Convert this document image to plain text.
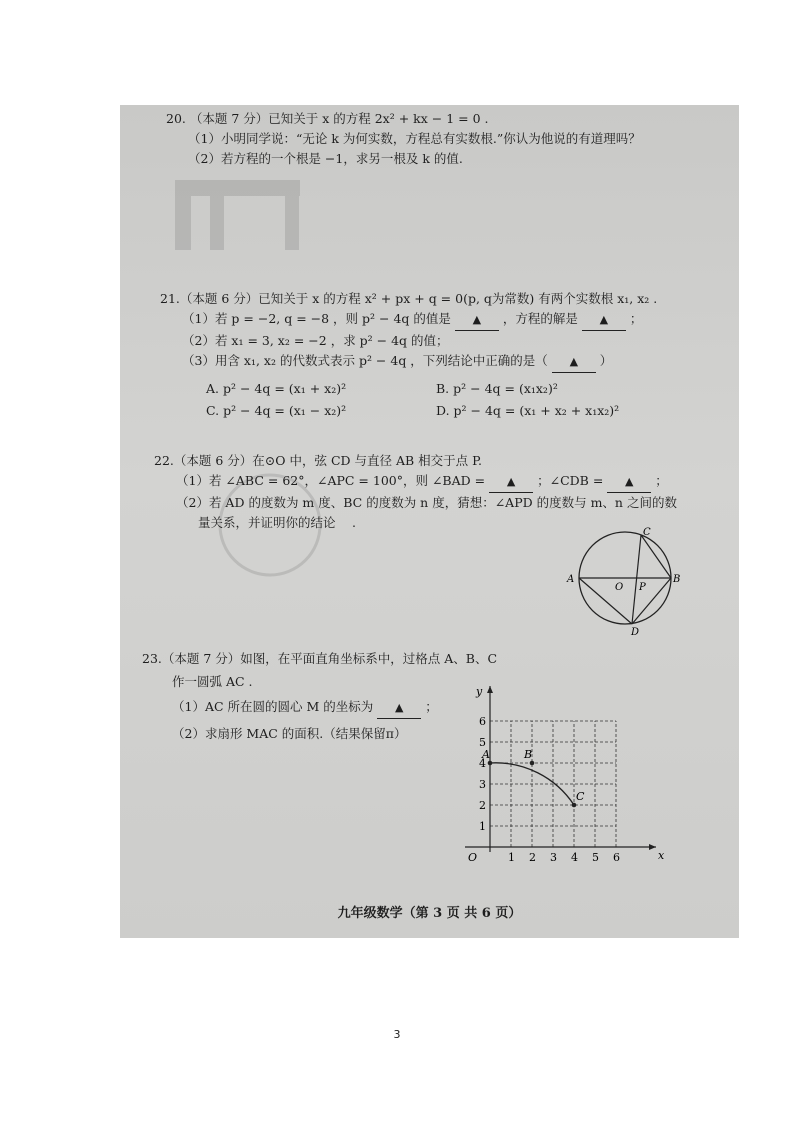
20. （本题 7 分）已知关于 x 的方程 2x² + kx − 1 = 0 .
（1）小明同学说：“无论 k 为何实数，方程总有实数根.”你认为他说的有道理吗？
（2）若方程的一个根是 −1，求另一根及 k 的值.
21.（本题 6 分）已知关于 x 的方程 x² + px + q = 0(p, q为常数) 有两个实数根 x₁, x₂ .
（1）若 p = −2, q = −8 ，则 p² − 4q 的值是 ▲ ，方程的解是 ▲ ；
（2）若 x₁ = 3, x₂ = −2 ，求 p² − 4q 的值；
（3）用含 x₁, x₂ 的代数式表示 p² − 4q ，下列结论中正确的是（ ▲ ）
A. p² − 4q = (x₁ + x₂)²	B. p² − 4q = (x₁x₂)²
C. p² − 4q = (x₁ − x₂)²	D. p² − 4q = (x₁ + x₂ + x₁x₂)²
22.（本题 6 分）在⊙O 中，弦 CD 与直径 AB 相交于点 P.
（1）若 ∠ABC = 62°，∠APC = 100°，则 ∠BAD = ▲ ；∠CDB = ▲ ；
（2）若 AD 的度数为 m 度、BC 的度数为 n 度，猜想：∠APD 的度数与 m、n 之间的数
量关系，并证明你的结论　 .
A	B
C
D
O P
23.（本题 7 分）如图，在平面直角坐标系中，过格点 A、B、C
作一圆弧 AC .
（1）AC 所在圆的圆心 M 的坐标为 ▲ ；
（2）求扇形 MAC 的面积.（结果保留π）
1 2 3 4 5 6
1
2
3
4
5
6
O	x
y
A	B
C
九年级数学（第 3 页 共 6 页）
3
